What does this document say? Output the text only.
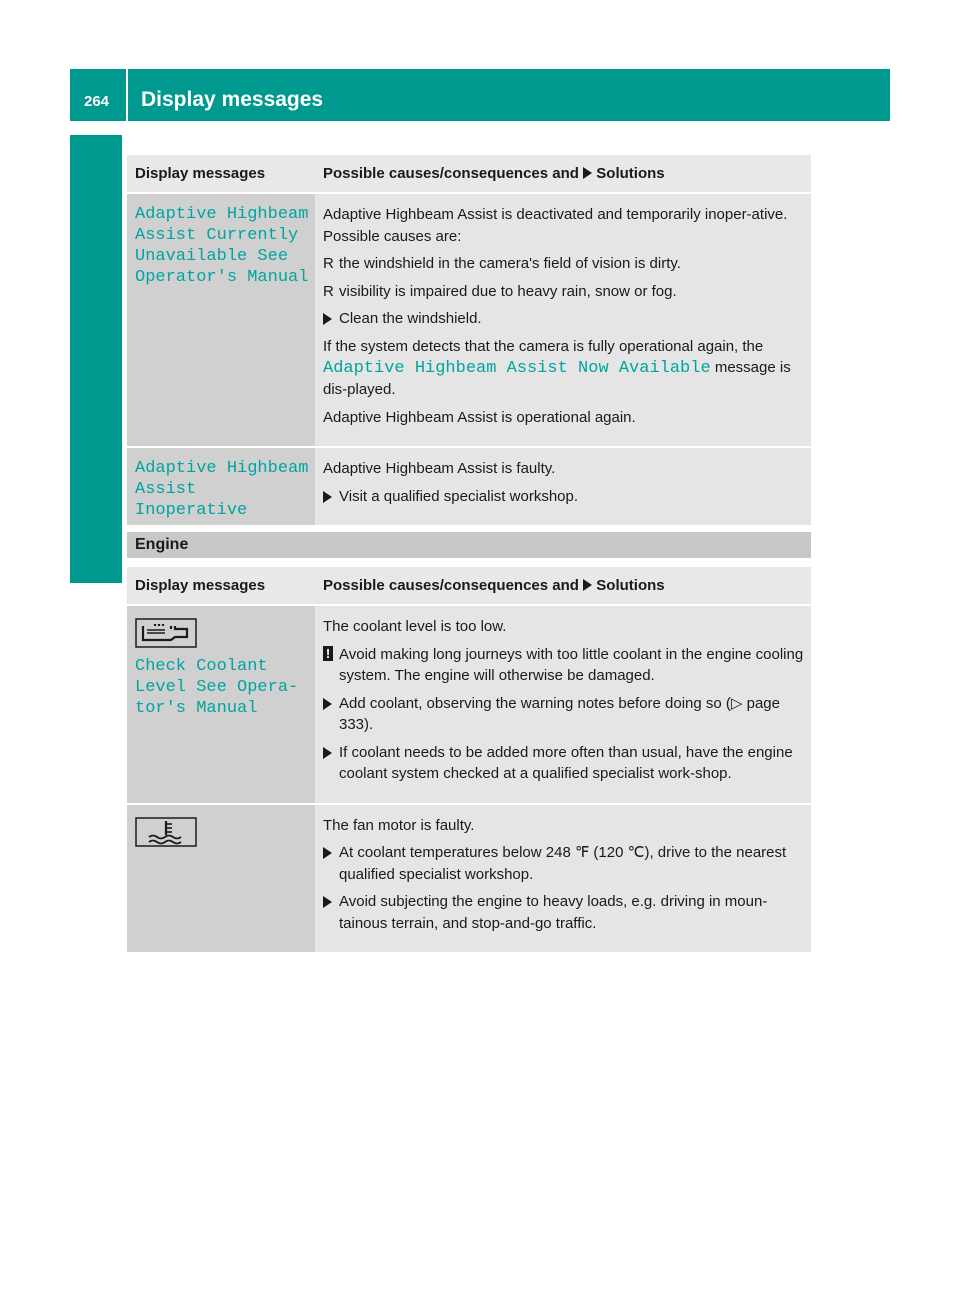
264 Display messages
On-board computer and displays
Display messages	Possible causes/consequences and Solutions
Adaptive Highbeam
Assist Currently
Unavailable See
Operator's Manual

Adaptive Highbeam Assist is deactivated and temporarily inoper-ative. Possible causes are:

R the windshield in the camera's field of vision is dirty.

R visibility is impaired due to heavy rain, snow or fog.

Clean the windshield.

If the system detects that the camera is fully operational again, the Adaptive Highbeam Assist Now Available message is dis-played.

Adaptive Highbeam Assist is operational again.

Adaptive Highbeam
Assist Inoperative

Adaptive Highbeam Assist is faulty.

Visit a qualified specialist workshop.

Engine
Display messages	Possible causes/consequences and Solutions
Check Coolant
Level See Opera‐
tor's Manual

The coolant level is too low.

! Avoid making long journeys with too little coolant in the engine cooling system. The engine will otherwise be damaged.

Add coolant, observing the warning notes before doing so (▷ page 333).

If coolant needs to be added more often than usual, have the engine coolant system checked at a qualified specialist work-shop.

The fan motor is faulty.

At coolant temperatures below 248 ℉ (120 ℃), drive to the nearest qualified specialist workshop.

Avoid subjecting the engine to heavy loads, e.g. driving in moun-tainous terrain, and stop-and-go traffic.
